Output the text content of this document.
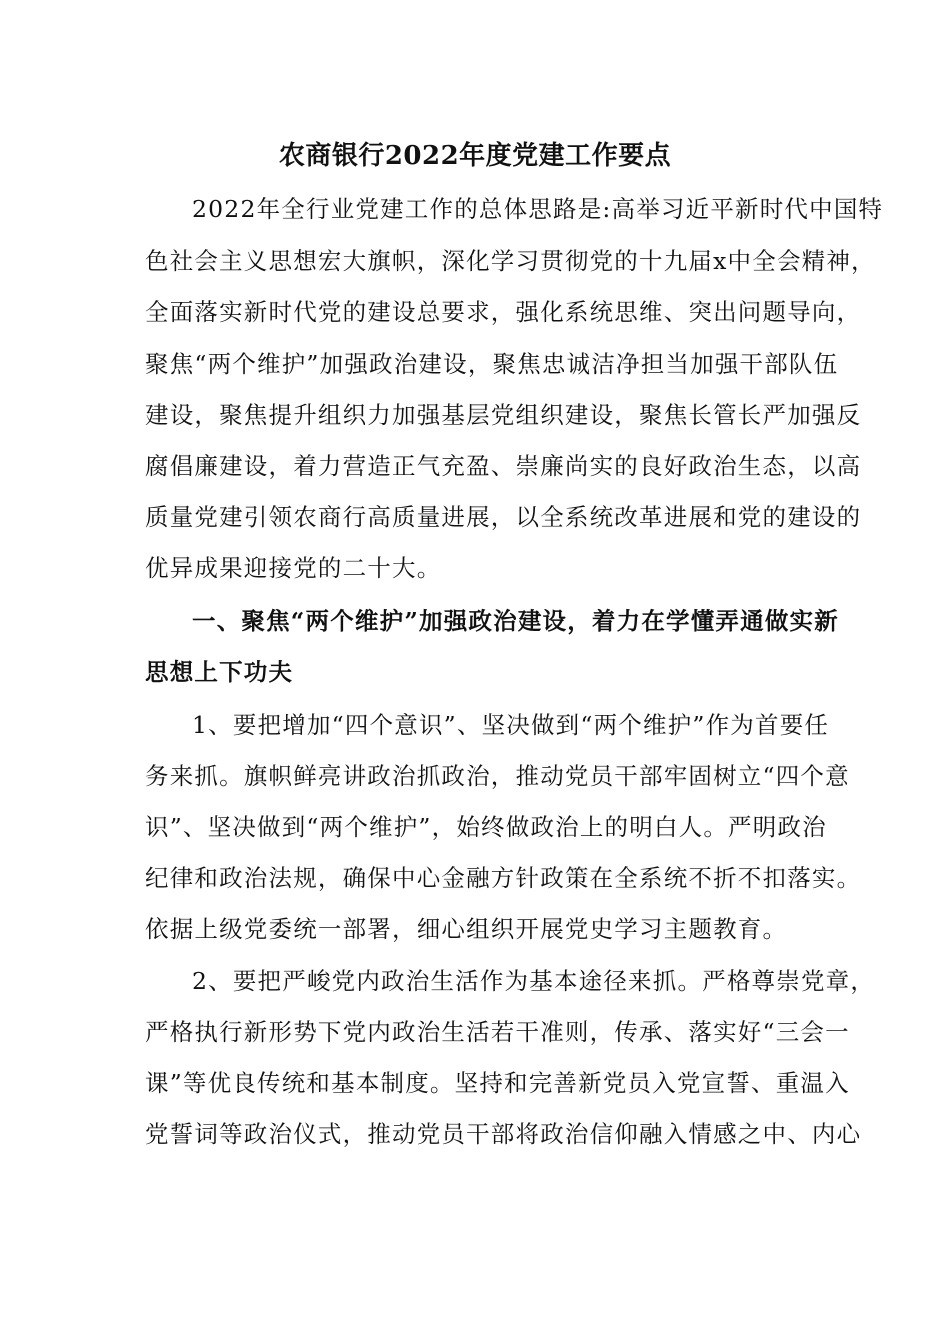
农商银行2022年度党建工作要点
2022年全行业党建工作的总体思路是:高举习近平新时代中国特
色社会主义思想宏大旗帜，深化学习贯彻党的十九届x中全会精神，
全面落实新时代党的建设总要求，强化系统思维、突出问题导向，
聚焦“两个维护”加强政治建设，聚焦忠诚洁净担当加强干部队伍
建设，聚焦提升组织力加强基层党组织建设，聚焦长管长严加强反
腐倡廉建设，着力营造正气充盈、崇廉尚实的良好政治生态，以高
质量党建引领农商行高质量进展，以全系统改革进展和党的建设的
优异成果迎接党的二十大。
一、聚焦“两个维护”加强政治建设，着力在学懂弄通做实新
思想上下功夫
1、要把增加“四个意识”、坚决做到“两个维护”作为首要任
务来抓。旗帜鲜亮讲政治抓政治，推动党员干部牢固树立“四个意
识”、坚决做到“两个维护”，始终做政治上的明白人。严明政治
纪律和政治法规，确保中心金融方针政策在全系统不折不扣落实。
依据上级党委统一部署，细心组织开展党史学习主题教育。
2、要把严峻党内政治生活作为基本途径来抓。严格尊崇党章，
严格执行新形势下党内政治生活若干准则，传承、落实好“三会一
课”等优良传统和基本制度。坚持和完善新党员入党宣誓、重温入
党誓词等政治仪式，推动党员干部将政治信仰融入情感之中、内心
